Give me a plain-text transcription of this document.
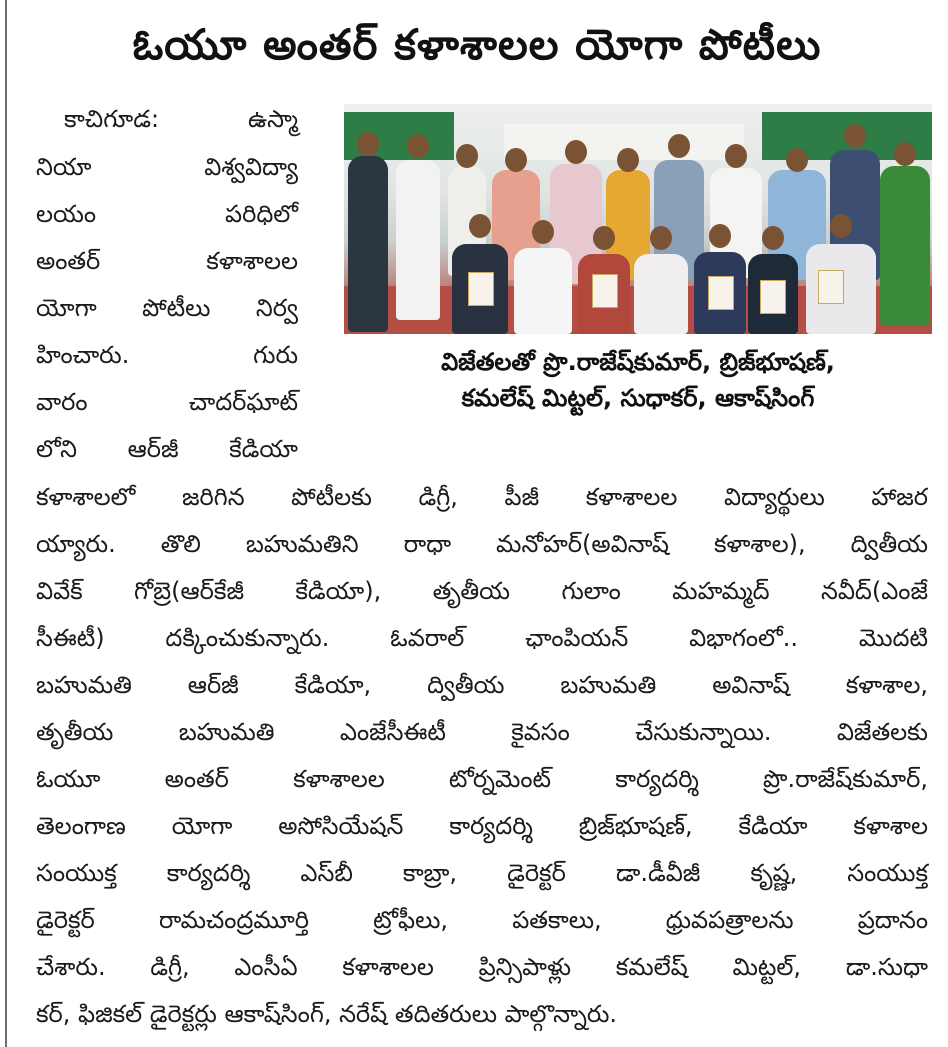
ఓయూ అంతర్ కళాశాలల యోగా పోటీలు
కాచిగూడ: ఉస్మా
నియా విశ్వవిద్యా
లయం పరిధిలో
అంతర్ కళాశాలల
యోగా పోటీలు నిర్వ
హించారు. గురు
వారం చాదర్‌ఘాట్
లోని ఆర్‌జీ కేడియా
విజేతలతో ప్రొ.రాజేష్‌కుమార్, బ్రిజ్‌భూషణ్,
కమలేష్ మిట్టల్, సుధాకర్, ఆకాష్‌సింగ్
కళాశాలలో జరిగిన పోటీలకు డిగ్రీ, పీజీ కళాశాలల విద్యార్థులు హాజర
య్యారు. తొలి బహుమతిని రాధా మనోహర్(అవినాష్ కళాశాల), ద్వితీయ
వివేక్ గోబ్రె(ఆర్‌కేజీ కేడియా), తృతీయ గులాం మహమ్మద్ నవీద్(ఎంజే
సీఈటీ) దక్కించుకున్నారు. ఓవరాల్ ఛాంపియన్ విభాగంలో.. మొదటి
బహుమతి ఆర్‌జీ కేడియా, ద్వితీయ బహుమతి అవినాష్ కళాశాల,
తృతీయ బహుమతి ఎంజేసీఈటీ కైవసం చేసుకున్నాయి. విజేతలకు
ఓయూ అంతర్ కళాశాలల టోర్నమెంట్ కార్యదర్శి ప్రొ.రాజేష్‌కుమార్,
తెలంగాణ యోగా అసోసియేషన్ కార్యదర్శి బ్రిజ్‌భూషణ్, కేడియా కళాశాల
సంయుక్త కార్యదర్శి ఎస్‌బీ కాబ్రా, డైరెక్టర్ డా.డీవీజీ కృష్ణ, సంయుక్త
డైరెక్టర్ రామచంద్రమూర్తి ట్రోఫీలు, పతకాలు, ధ్రువపత్రాలను ప్రదానం
చేశారు. డిగ్రీ, ఎంసీఏ కళాశాలల ప్రిన్సిపాళ్లు కమలేష్ మిట్టల్, డా.సుధా
కర్, ఫిజికల్ డైరెక్టర్లు ఆకాష్‌సింగ్, నరేష్ తదితరులు పాల్గొన్నారు.
